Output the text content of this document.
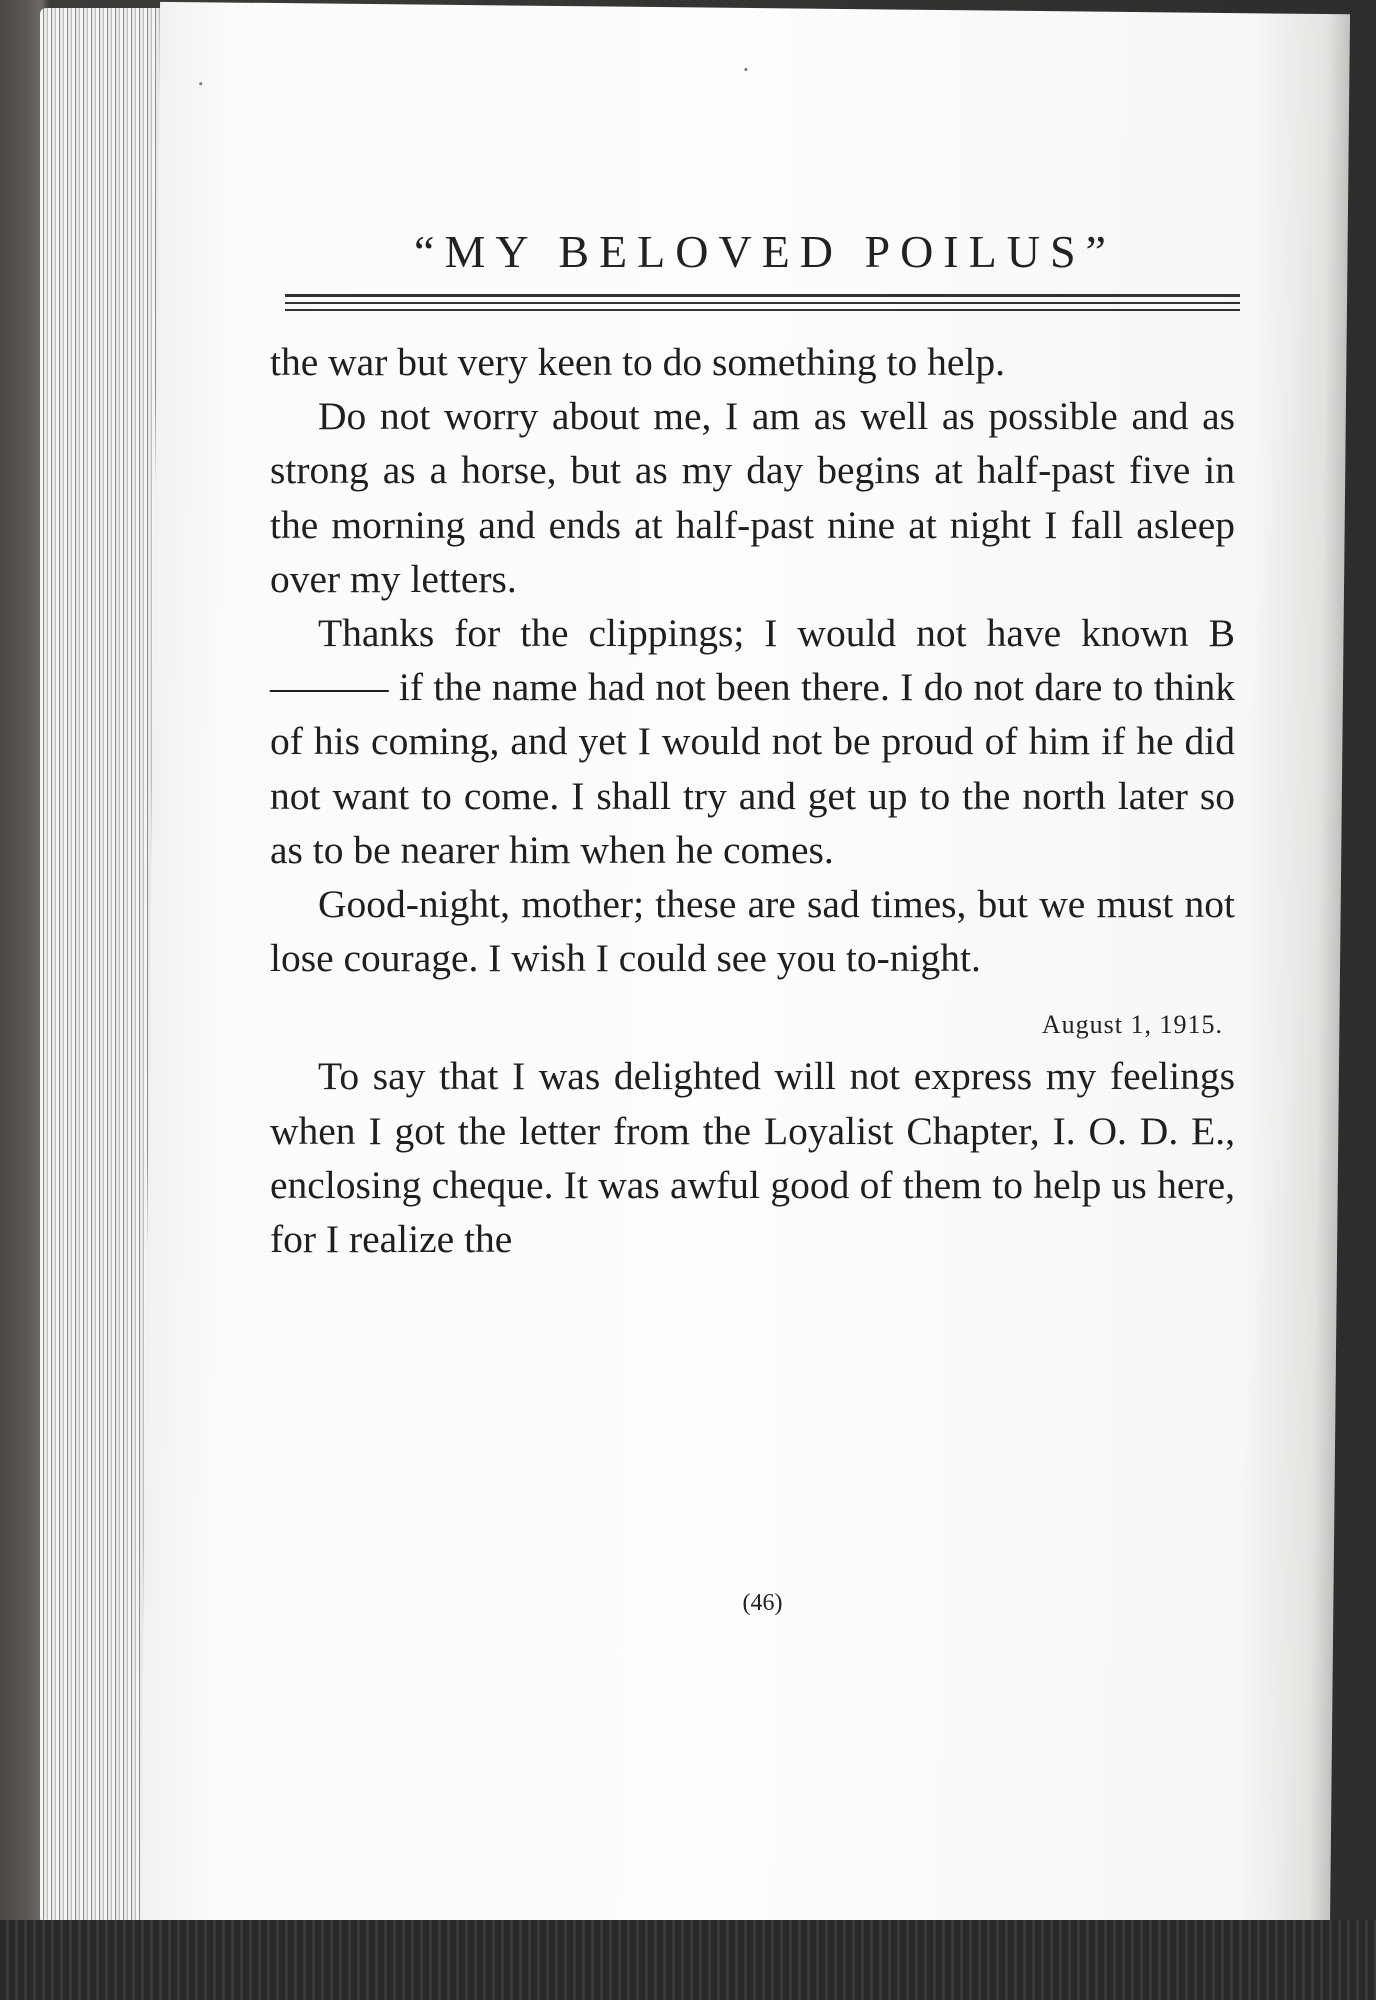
“MY BELOVED POILUS”

the war but very keen to do something to help.

Do not worry about me, I am as well as possible and as strong as a horse, but as my day begins at half-past five in the morning and ends at half-past nine at night I fall asleep over my letters.

Thanks for the clippings; I would not have known B——— if the name had not been there. I do not dare to think of his coming, and yet I would not be proud of him if he did not want to come. I shall try and get up to the north later so as to be nearer him when he comes.

Good-night, mother; these are sad times, but we must not lose courage. I wish I could see you to-night.

August 1, 1915.

To say that I was delighted will not express my feelings when I got the letter from the Loyalist Chapter, I. O. D. E., enclosing cheque. It was awful good of them to help us here, for I realize the

(46)
